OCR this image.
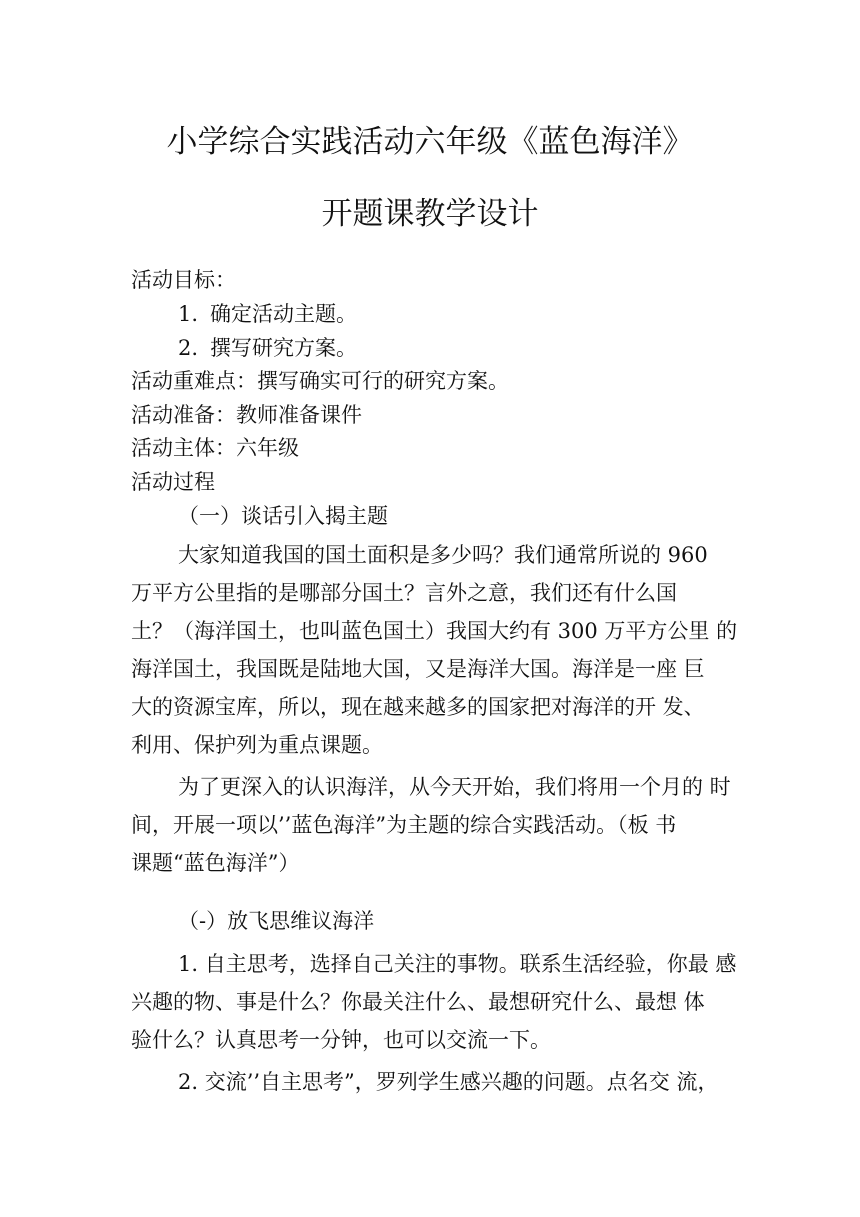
小学综合实践活动六年级《蓝色海洋》
开题课教学设计
活动目标：
1. 确定活动主题。
2. 撰写研究方案。
活动重难点：撰写确实可行的研究方案。
活动准备：教师准备课件
活动主体：六年级
活动过程
（一）谈话引入揭主题
大家知道我国的国土面积是多少吗？我们通常所说的 960
万平方公里指的是哪部分国土？言外之意，我们还有什么国
土？（海洋国土，也叫蓝色国土）我国大约有 300 万平方公里 的
海洋国土，我国既是陆地大国，又是海洋大国。海洋是一座 巨
大的资源宝库，所以，现在越来越多的国家把对海洋的开 发、
利用、保护列为重点课题。
为了更深入的认识海洋，从今天开始，我们将用一个月的 时
间，开展一项以’’蓝色海洋”为主题的综合实践活动。（板 书
课题“蓝色海洋”）
（-）放飞思维议海洋
1. 自主思考，选择自己关注的事物。联系生活经验，你最 感
兴趣的物、事是什么？你最关注什么、最想研究什么、最想 体
验什么？认真思考一分钟，也可以交流一下。
2. 交流’’自主思考”，罗列学生感兴趣的问题。点名交 流，
